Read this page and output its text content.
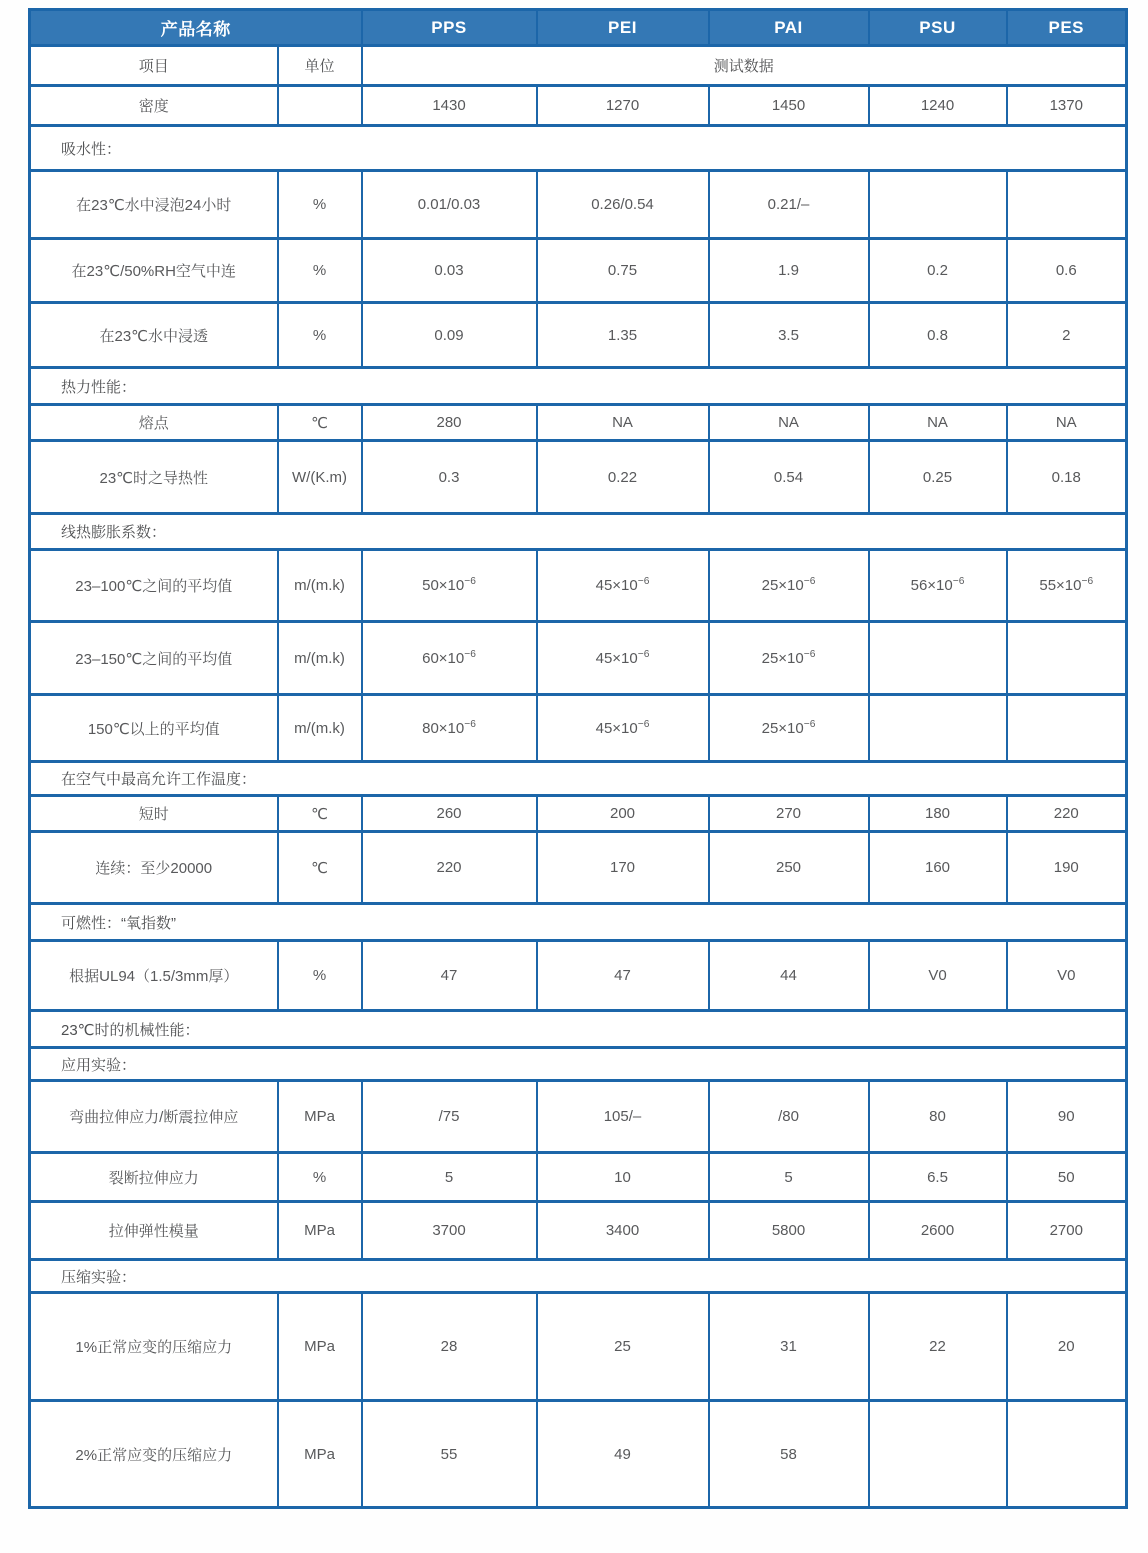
产品名称		PPS	PEI	PAI	PSU	PES
项目	单位	测试数据				
密度		1430	1270	1450	1240	1370
吸水性：						
在23℃水中浸泡24小时	%	0.01/0.03	0.26/0.54	0.21/–		
在23℃/50%RH空气中连	%	0.03	0.75	1.9	0.2	0.6
在23℃水中浸透	%	0.09	1.35	3.5	0.8	2
热力性能：						
熔点	℃	280	NA	NA	NA	NA
23℃时之导热性	W/(K.m)	0.3	0.22	0.54	0.25	0.18
线热膨胀系数：						
23–100℃之间的平均值	m/(m.k)	$50\times 10^{-6}$	$45\times 10^{-6}$	$25\times 10^{-6}$	$56\times 10^{-6}$	$55\times 10^{-6}$
23–150℃之间的平均值	m/(m.k)	$60\times 10^{-6}$	$45\times 10^{-6}$	$25\times 10^{-6}$		
150℃以上的平均值	m/(m.k)	$80\times 10^{-6}$	$45\times 10^{-6}$	$25\times 10^{-6}$		
在空气中最高允许工作温度：						
短时	℃	260	200	270	180	220
连续：至少20000	℃	220	170	250	160	190
可燃性：“氧指数”						
根据UL94（1.5/3mm厚）	%	47	47	44	V0	V0
23℃时的机械性能：						
应用实验：						
弯曲拉伸应力/断震拉伸应	MPa	/75	105/–	/80	80	90
裂断拉伸应力	%	5	10	5	6.5	50
拉伸弹性模量	MPa	3700	3400	5800	2600	2700
压缩实验：						
1%正常应变的压缩应力	MPa	28	25	31	22	20
2%正常应变的压缩应力	MPa	55	49	58		
